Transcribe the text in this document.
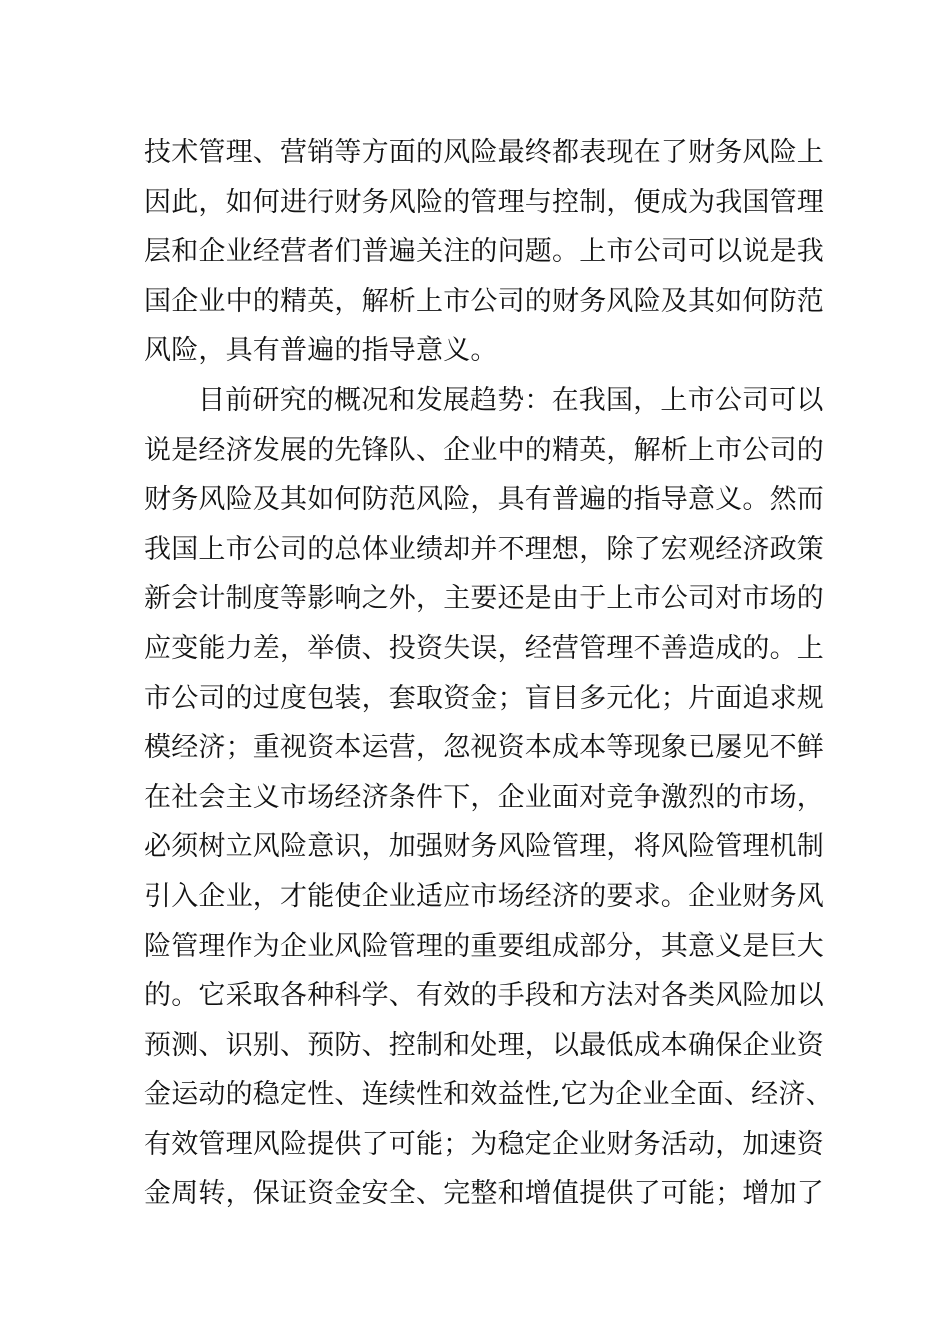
技术管理、营销等方面的风险最终都表现在了财务风险上
因此，如何进行财务风险的管理与控制，便成为我国管理
层和企业经营者们普遍关注的问题。上市公司可以说是我
国企业中的精英，解析上市公司的财务风险及其如何防范
风险，具有普遍的指导意义。
目前研究的概况和发展趋势：在我国，上市公司可以
说是经济发展的先锋队、企业中的精英，解析上市公司的
财务风险及其如何防范风险，具有普遍的指导意义。然而
我国上市公司的总体业绩却并不理想，除了宏观经济政策
新会计制度等影响之外，主要还是由于上市公司对市场的
应变能力差，举债、投资失误，经营管理不善造成的。上
市公司的过度包装，套取资金；盲目多元化；片面追求规
模经济；重视资本运营，忽视资本成本等现象已屡见不鲜
在社会主义市场经济条件下，企业面对竞争激烈的市场，
必须树立风险意识，加强财务风险管理，将风险管理机制
引入企业，才能使企业适应市场经济的要求。企业财务风
险管理作为企业风险管理的重要组成部分，其意义是巨大
的。它采取各种科学、有效的手段和方法对各类风险加以
预测、识别、预防、控制和处理，以最低成本确保企业资
金运动的稳定性、连续性和效益性,它为企业全面、经济、
有效管理风险提供了可能；为稳定企业财务活动，加速资
金周转，保证资金安全、完整和增值提供了可能；增加了
